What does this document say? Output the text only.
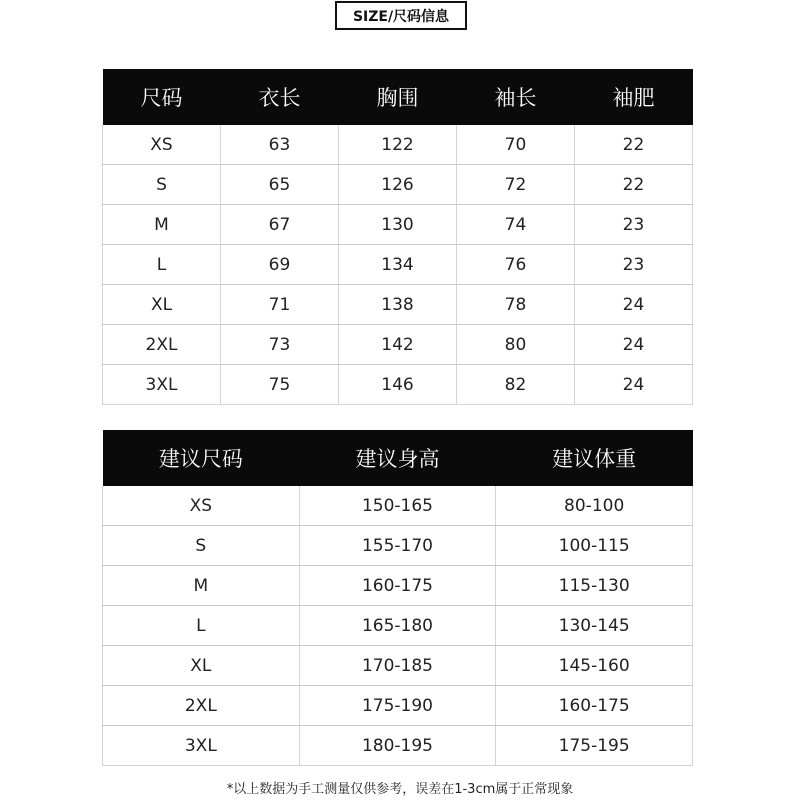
SIZE/尺码信息
尺码	衣长	胸围	袖长	袖肥
XS	63	122	70	22
S	65	126	72	22
M	67	130	74	23
L	69	134	76	23
XL	71	138	78	24
2XL	73	142	80	24
3XL	75	146	82	24
建议尺码	建议身高	建议体重
XS	150-165	80-100
S	155-170	100-115
M	160-175	115-130
L	165-180	130-145
XL	170-185	145-160
2XL	175-190	160-175
3XL	180-195	175-195
*以上数据为手工测量仅供参考，误差在1-3cm属于正常现象
